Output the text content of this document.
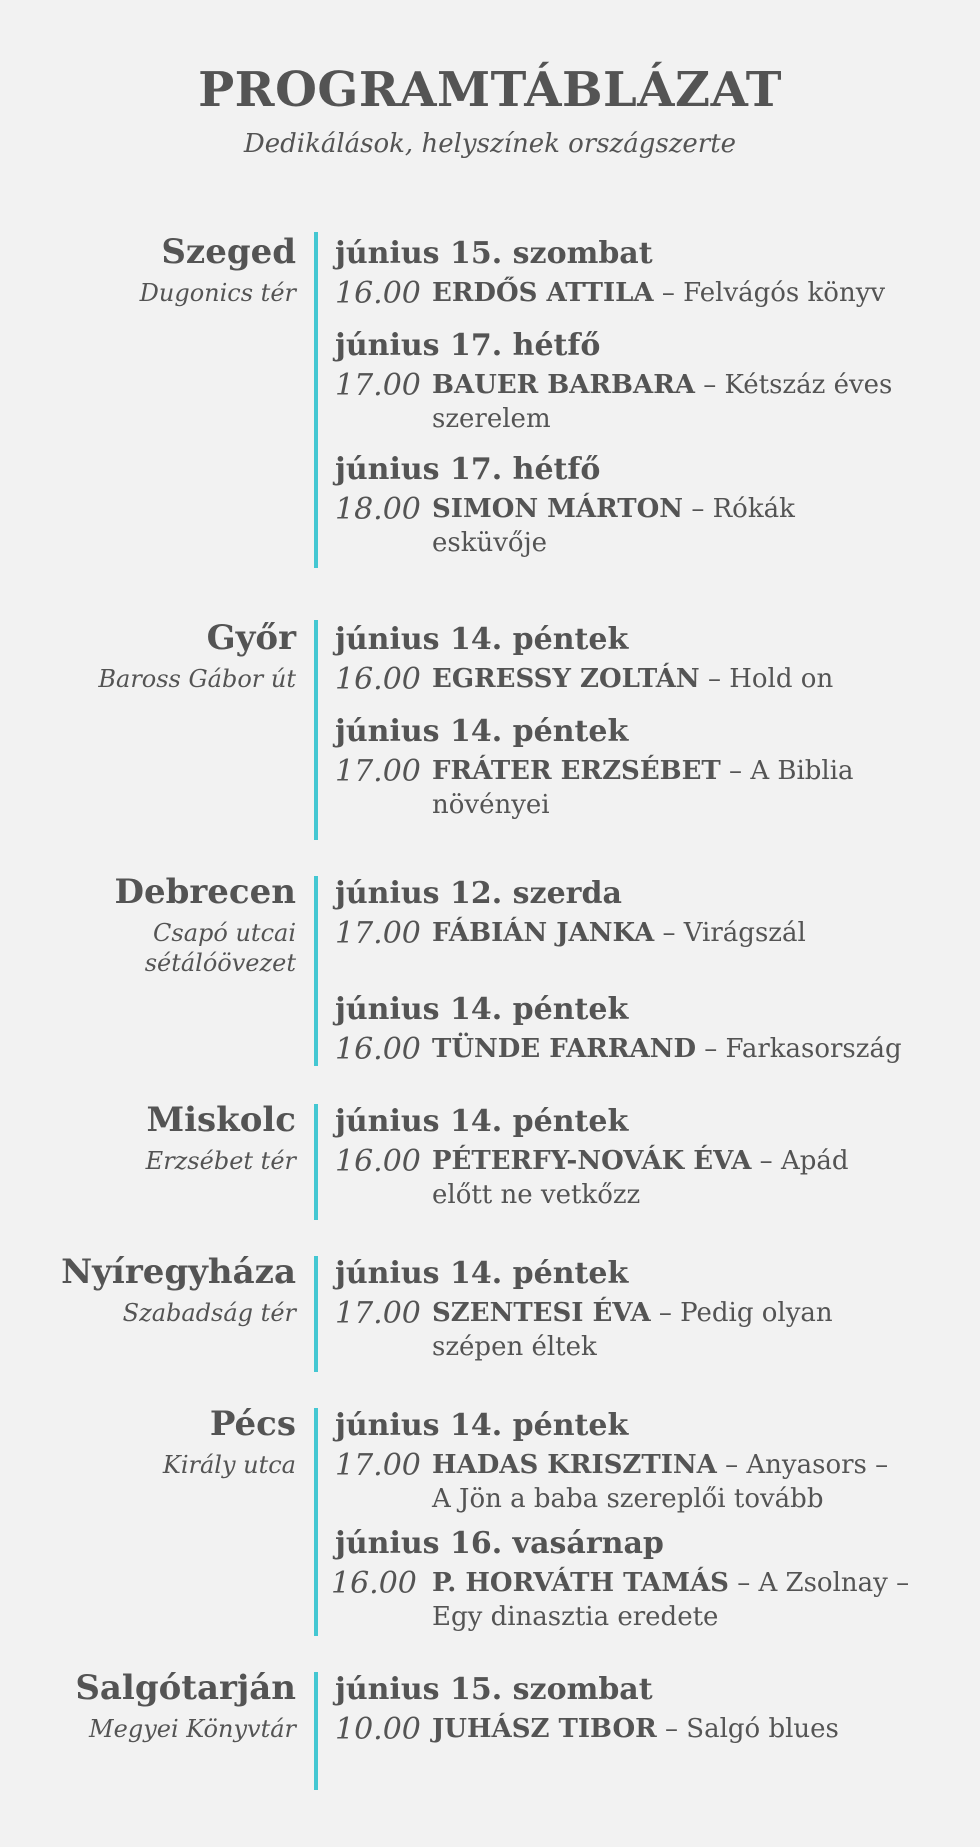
PROGRAMTÁBLÁZAT
Dedikálások, helyszínek országszerte
Szeged
Dugonics tér
június 15. szombat
16.00 ERDŐS ATTILA – Felvágós könyv
június 17. hétfő
17.00 BAUER BARBARA – Kétszáz éves szerelem
június 17. hétfő
18.00 SIMON MÁRTON – Rókák esküvője
Győr
Baross Gábor út
június 14. péntek
16.00 EGRESSY ZOLTÁN – Hold on
június 14. péntek
17.00 FRÁTER ERZSÉBET – A Biblia növényei
Debrecen
Csapó utcai sétálóövezet
június 12. szerda
17.00 FÁBIÁN JANKA – Virágszál
június 14. péntek
16.00 TÜNDE FARRAND – Farkasország
Miskolc
Erzsébet tér
június 14. péntek
16.00 PÉTERFY-NOVÁK ÉVA – Apád előtt ne vetkőzz
Nyíregyháza
Szabadság tér
június 14. péntek
17.00 SZENTESI ÉVA – Pedig olyan szépen éltek
Pécs
Király utca
június 14. péntek
17.00 HADAS KRISZTINA – Anyasors – A Jön a baba szereplői tovább
június 16. vasárnap
16.00 P. HORVÁTH TAMÁS – A Zsolnay – Egy dinasztia eredete
Salgótarján
Megyei Könyvtár
június 15. szombat
10.00 JUHÁSZ TIBOR – Salgó blues
